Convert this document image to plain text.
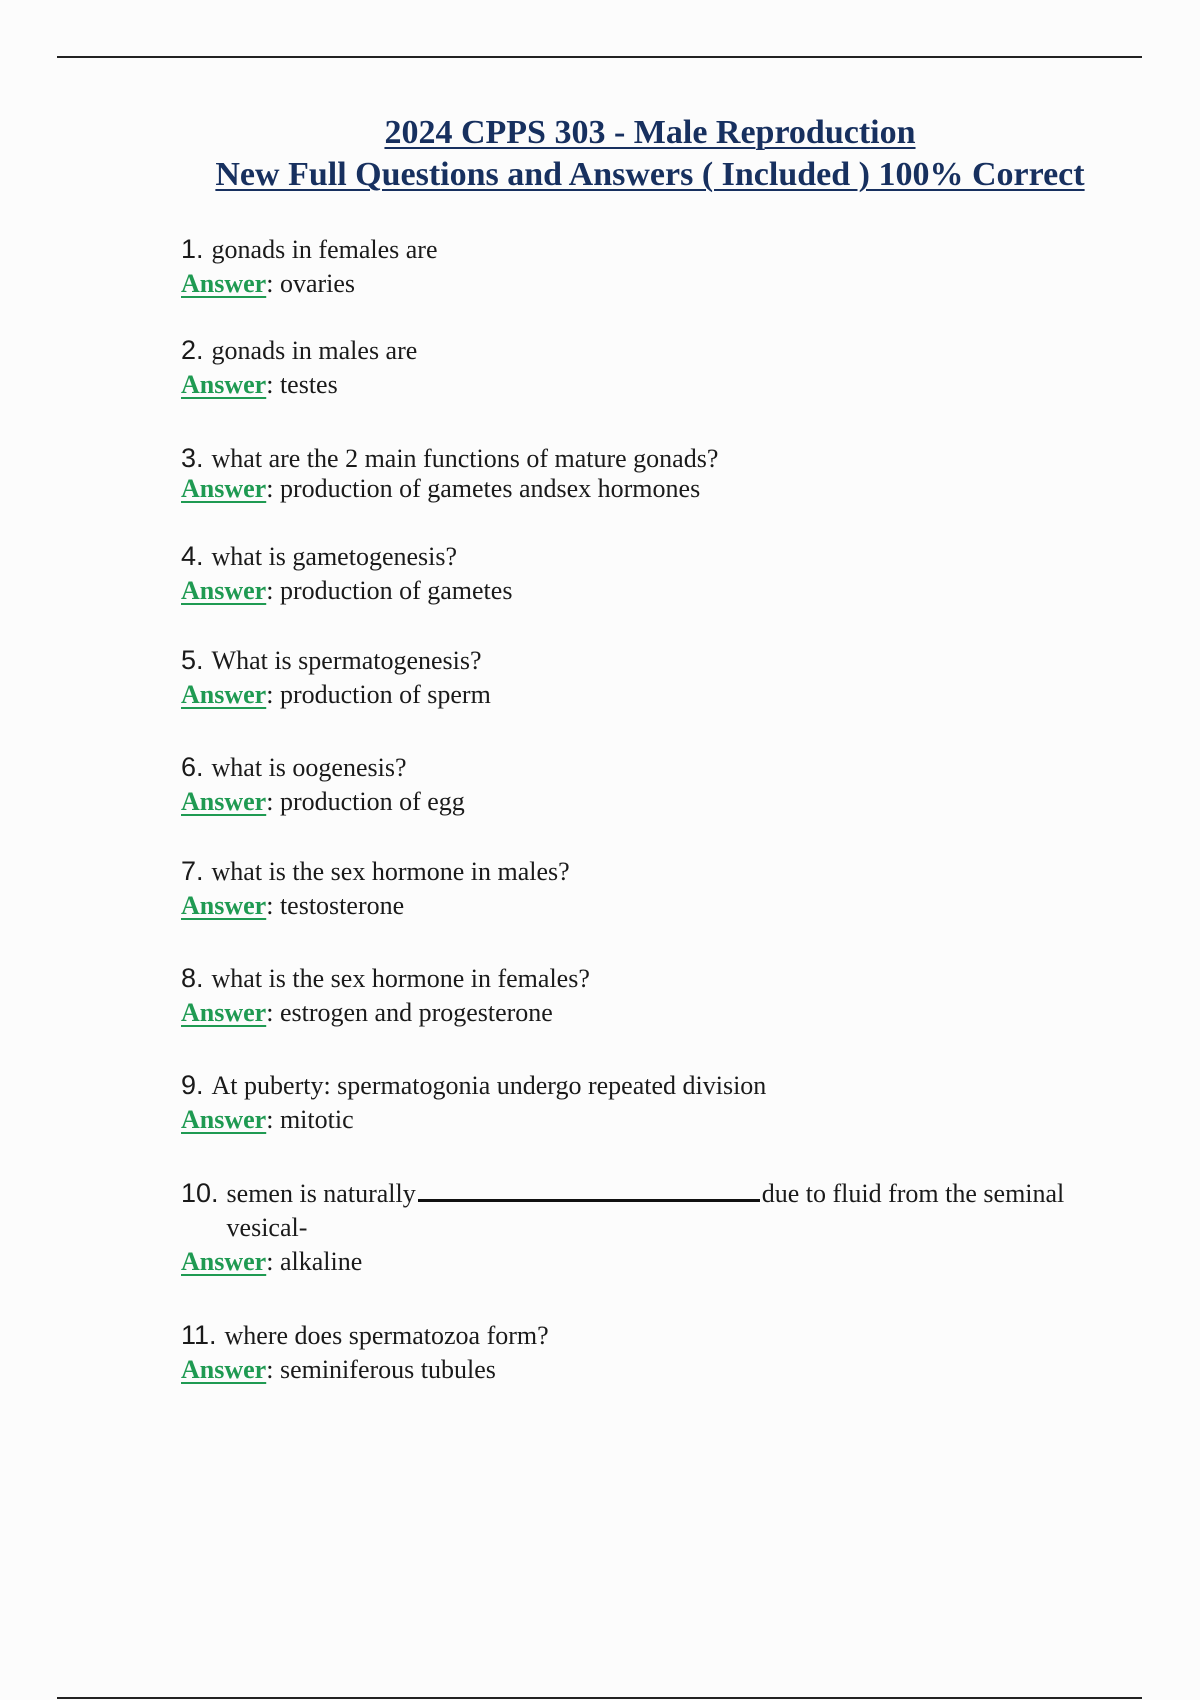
2024 CPPS 303 - Male Reproduction
New Full Questions and Answers ( Included ) 100% Correct
1. gonads in females are
Answer: ovaries
2. gonads in males are
Answer: testes
3. what are the 2 main functions of mature gonads?
Answer: production of gametes andsex hormones
4. what is gametogenesis?
Answer: production of gametes
5. What is spermatogenesis?
Answer: production of sperm
6. what is oogenesis?
Answer: production of egg
7. what is the sex hormone in males?
Answer: testosterone
8. what is the sex hormone in females?
Answer: estrogen and progesterone
9. At puberty: spermatogonia undergo repeated division
Answer: mitotic
10. semen is naturally	due to fluid from the seminal vesical-
Answer: alkaline
11. where does spermatozoa form?
Answer: seminiferous tubules
